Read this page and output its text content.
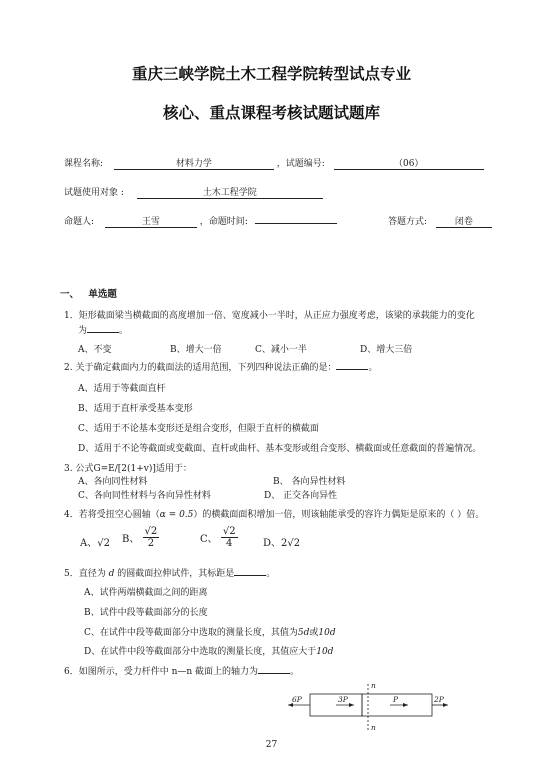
重庆三峡学院土木工程学院转型试点专业
核心、重点课程考核试题试题库
课程名称:	材料力学	，试题编号:	（06）
试题使用对象 :	土木工程学院
命题人:	王雪	，命题时间:	答题方式:	闭卷
一、 单选题
1．矩形截面梁当横截面的高度增加一倍、宽度减小一半时，从正应力强度考虑，该梁的承载能力的变化
为	。
A、不变	B、增大一倍	C、减小一半	D、增大三倍
2. 关于确定截面内力的截面法的适用范围，下列四种说法正确的是：	。
A、适用于等截面直杆
B、适用于直杆承受基本变形
C、适用于不论基本变形还是组合变形，但限于直杆的横截面
D、适用于不论等截面或变截面、直杆或曲杆、基本变形或组合变形、横截面或任意截面的普遍情况。
3. 公式G=E/[2(1+v)]适用于：
A、各向同性材料	B、 各向异性材料
C、各向同性材料与各向异性材料	D、 正交各向异性
4．若将受扭空心圆轴（α = 0.5）的横截面面积增加一倍，则该轴能承受的容许力偶矩是原来的（ ）倍。
A、√2 B、 $\frac{√2}{2}$	C、 $\frac{√2}{4}$	D、2√2
5．直径为 d 的圆截面拉伸试件，其标距是	。
A、试件两端横截面之间的距离
B、试件中段等截面部分的长度
C、在试件中段等截面部分中选取的测量长度，其值为5d或10d
D、在试件中段等截面部分中选取的测量长度，其值应大于10d
6．如图所示，受力杆件中 n—n 截面上的轴力为	。
n
n
6P	3P	P	2P
27
